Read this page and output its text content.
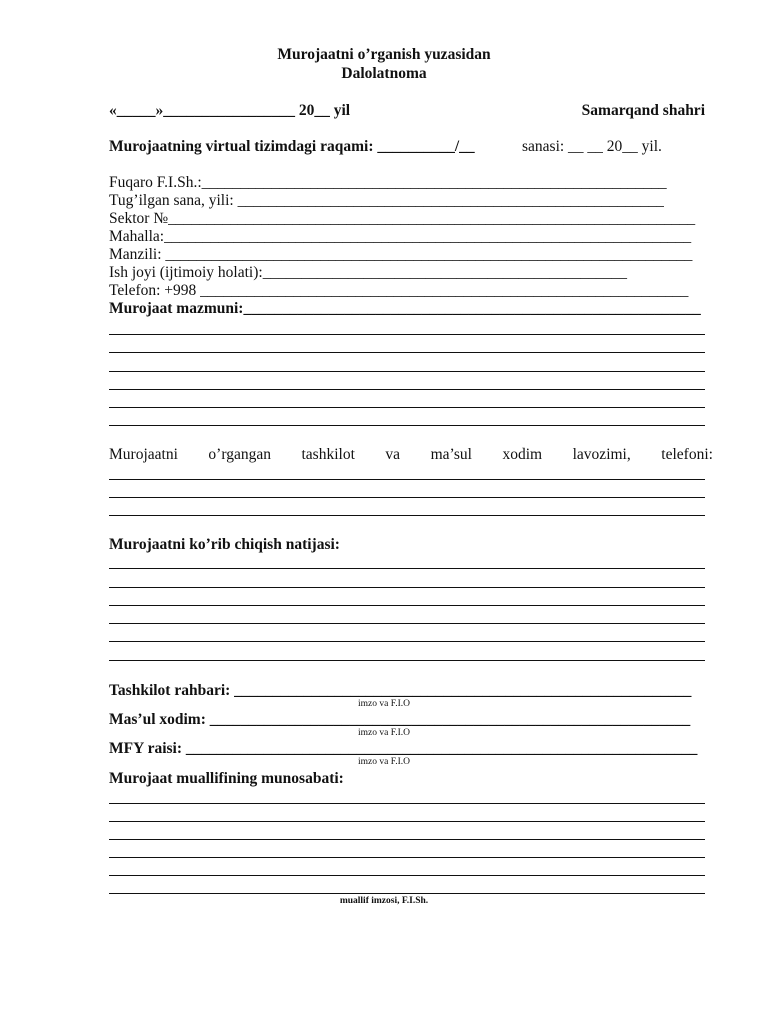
Murojaatni o’rganish yuzasidan
Dalolatnoma
«_____»_________________ 20__ yil	Samarqand shahri
Murojaatning virtual tizimdagi raqami: __________/__	sanasi: __ __ 20__ yil.
Fuqaro F.I.Sh.:____________________________________________________________
Tug’ilgan sana, yili: _______________________________________________________
Sektor №____________________________________________________________________
Mahalla:____________________________________________________________________
Manzili: ____________________________________________________________________
Ish joyi (ijtimoiy holati):_______________________________________________
Telefon: +998 _______________________________________________________________
Murojaat mazmuni:___________________________________________________________
Murojaatni o’rgangan tashkilot va ma’sul xodim lavozimi, telefoni:
Murojaatni ko’rib chiqish natijasi:
Tashkilot rahbari: ___________________________________________________________
imzo va F.I.O
Mas’ul xodim: ______________________________________________________________
imzo va F.I.O
MFY raisi: __________________________________________________________________
imzo va F.I.O
Murojaat muallifining munosabati:
muallif imzosi, F.I.Sh.
